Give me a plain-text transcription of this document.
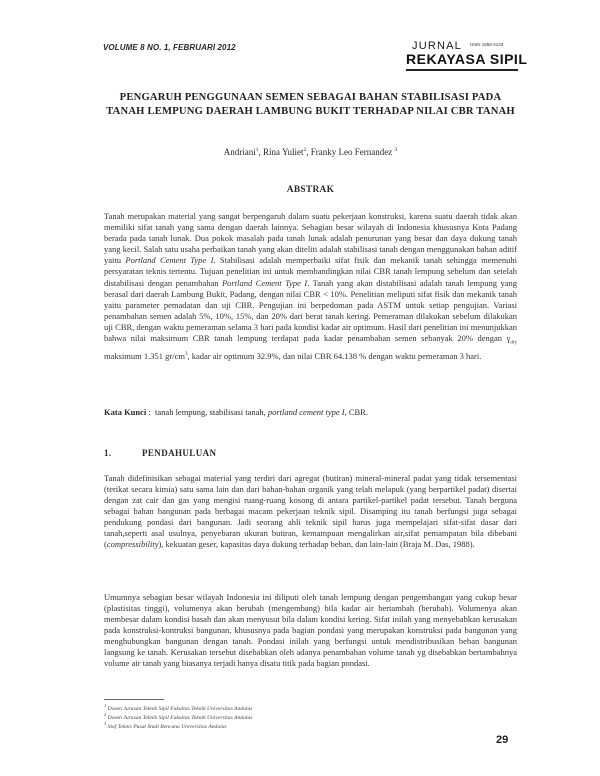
VOLUME 8 NO. 1, FEBRUARI 2012	JURNAL ISSN 1858-2133
REKAYASA SIPIL
PENGARUH PENGGUNAAN SEMEN SEBAGAI BAHAN STABILISASI PADA TANAH LEMPUNG DAERAH LAMBUNG BUKIT TERHADAP NILAI CBR TANAH
Andriani$^1$, Rina Yuliet$^2$, Franky Leo Fernandez $^3$
ABSTRAK
Tanah merupakan material yang sangat berpengaruh dalam suatu pekerjaan konstruksi, karena suatu daerah tidak akan memiliki sifat tanah yang sama dengan daerah lainnya. Sebagian besar wilayah di Indonesia khususnya Kota Padang berada pada tanah lunak. Dua pokok masalah pada tanah lunak adalah penurunan yang besar dan daya dukung tanah yang kecil. Salah satu usaha perbaikan tanah yang akan diteliti adalah stabilisasi tanah dengan menggunakan bahan aditif yaitu Portland Cement Type I. Stabilisasi adalah memperbaiki sifat fisik dan mekanik tanah sehingga memenuhi persyaratan teknis tertentu. Tujuan penelitian ini untuk membandingkan nilai CBR tanah lempung sebelum dan setelah distabilisasi dengan penambahan Portland Cement Type I. Tanah yang akan distabilisasi adalah tanah lempung yang berasal dari daerah Lambung Bukit, Padang, dengan nilai CBR < 10%. Penelitian meliputi sifat fisik dan mekanik tanah yaitu parameter pemadatan dan uji CBR. Pengujian ini berpedoman pada ASTM untuk setiap pengujian. Variasi penambahan semen adalah 5%, 10%, 15%, dan 20% dari berat tanah kering. Pemeraman dilakukan sebelum dilakukan uji CBR, dengan waktu pemeraman selama 3 hari pada kondisi kadar air optimum. Hasil dari penelitian ini menunjukkan bahwa nilai maksimum CBR tanah lempung terdapat pada kadar penambahan semen sebanyak 20% dengan $\gamma_{dry}$ maksimum 1.351 $gr/cm^3$, kadar air optimum 32.9%, dan nilai CBR 64.138 % dengan waktu pemeraman 3 hari.
Kata Kunci :  tanah lempung, stabilisasi tanah, portland cement type I, CBR.
1.	PENDAHULUAN
Tanah didefinisikan sebagai material yang terdiri dari agregat (butiran) mineral-mineral padat yang tidak tersementasi (terikat secara kimia) satu sama lain dan dari bahan-bahan organik yang telah melapuk (yang berpartikel padat) disertai dengan zat cair dan gas yang mengisi ruang-ruang kosong di antara partikel-partikel padat tersebut. Tanah berguna sebagai bahan bangunan pada berbagai macam pekerjaan teknik sipil. Disamping itu tanah berfungsi juga sebagai pendukung pondasi dari bangunan. Jadi seorang ahli teknik sipil harus juga mempelajari sifat-sifat dasar dari tanah,seperti asal usulnya, penyebaran ukuran butiran, kemampuan mengalirkan air,sifat pemampatan bila dibebani (compressibility), kekuatan geser, kapasitas daya dukung terhadap beban, dan lain-lain (Braja M. Das, 1988).
Umumnya sebagian besar wilayah Indonesia ini diliputi oleh tanah lempung dengan pengembangan yang cukup besar (plastisitas tinggi), volumenya akan berubah (mengembang) bila kadar air bertambah (berubah). Volumenya akan membesar dalam kondisi basah dan akan menyusut bila dalam kondisi kering. Sifat inilah yang menyebabkan kerusakan pada konstruksi-kontruksi bangunan, khususnya pada bagian pondasi yang merupakan konstruksi pada bangunan yang menghubungkan bangunan dengan tanah. Pondasi inilah yang berfungsi untuk mendistribusikan beban bangunan langsung ke tanah. Kerusakan tersebut disebabkan oleh adanya penambahan volume tanah yg disebabkan bertambahnya volume air tanah yang biasanya terjadi hanya disatu titik pada bagian pondasi.
$^1$ Dosen Jurusan Teknik Sipil Fakultas Teknik Universitas Andalas
$^2$ Dosen Jurusan Teknik Sipil Fakultas Teknik Universitas Andalas
$^3$ Staf Teknis Pusat Studi Bencana Universitas Andalas
29
